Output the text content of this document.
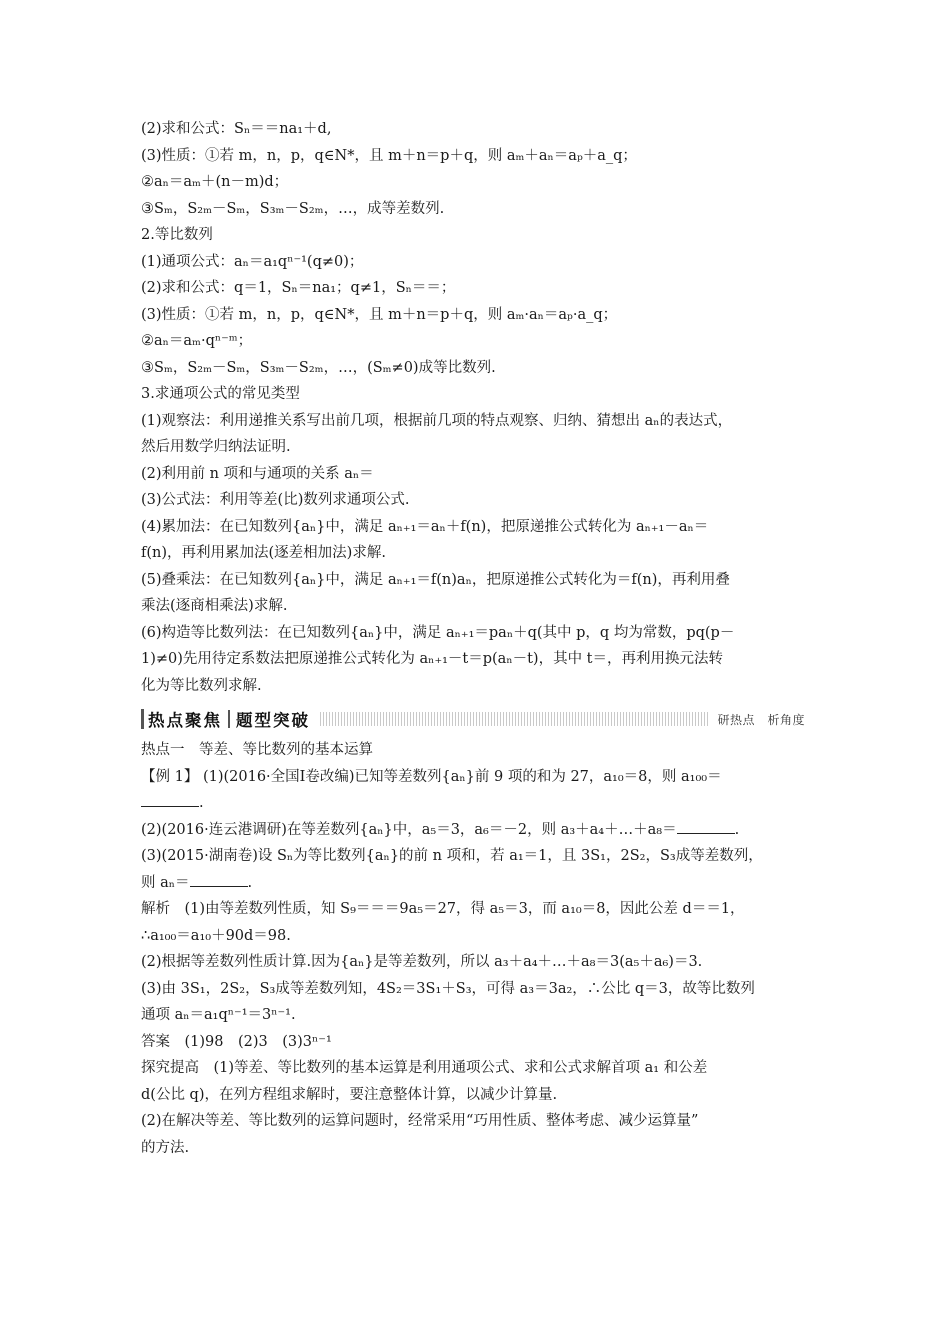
(2)求和公式：Sₙ＝＝na₁＋d,
(3)性质：①若 m，n，p，q∈N*，且 m＋n＝p＋q，则 aₘ＋aₙ＝aₚ＋a_q；
②aₙ＝aₘ＋(n－m)d；
③Sₘ，S₂ₘ－Sₘ，S₃ₘ－S₂ₘ，…，成等差数列.
2.等比数列
(1)通项公式：aₙ＝a₁qⁿ⁻¹(q≠0)；
(2)求和公式：q＝1，Sₙ＝na₁；q≠1，Sₙ＝＝；
(3)性质：①若 m，n，p，q∈N*，且 m＋n＝p＋q，则 aₘ·aₙ＝aₚ·a_q；
②aₙ＝aₘ·qⁿ⁻ᵐ；
③Sₘ，S₂ₘ－Sₘ，S₃ₘ－S₂ₘ，…，(Sₘ≠0)成等比数列.
3.求通项公式的常见类型
(1)观察法：利用递推关系写出前几项，根据前几项的特点观察、归纳、猜想出 aₙ的表达式，
然后用数学归纳法证明.
(2)利用前 n 项和与通项的关系 aₙ＝
(3)公式法：利用等差(比)数列求通项公式.
(4)累加法：在已知数列{aₙ}中，满足 aₙ₊₁＝aₙ＋f(n)，把原递推公式转化为 aₙ₊₁－aₙ＝
f(n)，再利用累加法(逐差相加法)求解.
(5)叠乘法：在已知数列{aₙ}中，满足 aₙ₊₁＝f(n)aₙ，把原递推公式转化为＝f(n)，再利用叠
乘法(逐商相乘法)求解.
(6)构造等比数列法：在已知数列{aₙ}中，满足 aₙ₊₁＝paₙ＋q(其中 p，q 均为常数，pq(p－
1)≠0)先用待定系数法把原递推公式转化为 aₙ₊₁－t＝p(aₙ－t)，其中 t＝，再利用换元法转
化为等比数列求解.
热点聚焦 题型突破	研热点　析角度
热点一　等差、等比数列的基本运算
【例 1】 (1)(2016·全国Ⅰ卷改编)已知等差数列{aₙ}前 9 项的和为 27，a₁₀＝8，则 a₁₀₀＝
.
(2)(2016·连云港调研)在等差数列{aₙ}中，a₅＝3，a₆＝－2，则 a₃＋a₄＋…＋a₈＝	.
(3)(2015·湖南卷)设 Sₙ为等比数列{aₙ}的前 n 项和，若 a₁＝1，且 3S₁，2S₂，S₃成等差数列，
则 aₙ＝	.
解析　(1)由等差数列性质，知 S₉＝＝＝9a₅＝27，得 a₅＝3，而 a₁₀＝8，因此公差 d＝＝1，
∴a₁₀₀＝a₁₀＋90d＝98.
(2)根据等差数列性质计算.因为{aₙ}是等差数列，所以 a₃＋a₄＋…＋a₈＝3(a₅＋a₆)＝3.
(3)由 3S₁，2S₂，S₃成等差数列知，4S₂＝3S₁＋S₃，可得 a₃＝3a₂，∴公比 q＝3，故等比数列
通项 aₙ＝a₁qⁿ⁻¹＝3ⁿ⁻¹.
答案　(1)98　(2)3　(3)3ⁿ⁻¹
探究提高　(1)等差、等比数列的基本运算是利用通项公式、求和公式求解首项 a₁ 和公差
d(公比 q)，在列方程组求解时，要注意整体计算，以减少计算量.
(2)在解决等差、等比数列的运算问题时，经常采用“巧用性质、整体考虑、减少运算量”
的方法.
